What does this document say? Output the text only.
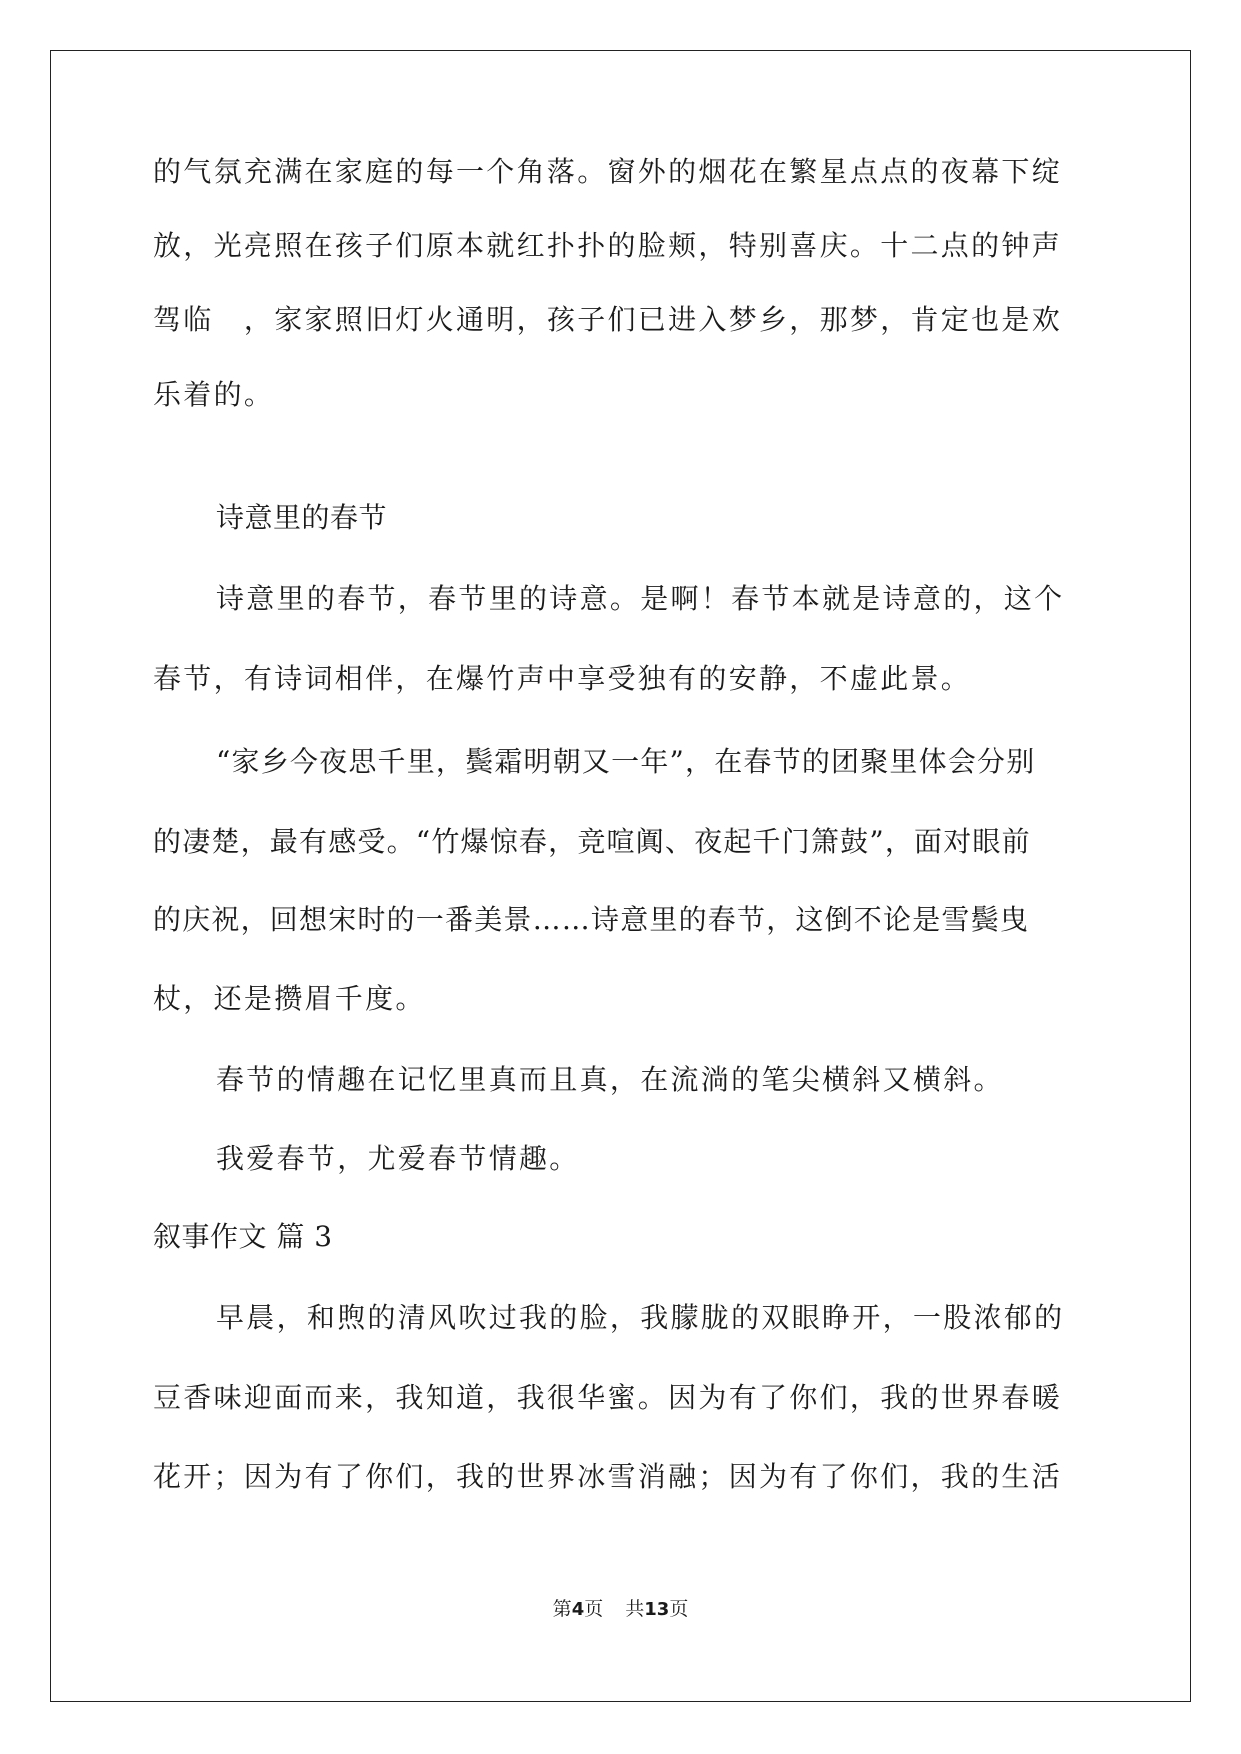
的气氛充满在家庭的每一个角落。窗外的烟花在繁星点点的夜幕下绽
放，光亮照在孩子们原本就红扑扑的脸颊，特别喜庆。十二点的钟声
驾临　，家家照旧灯火通明，孩子们已进入梦乡，那梦，肯定也是欢
乐着的。
诗意里的春节
诗意里的春节，春节里的诗意。是啊！春节本就是诗意的，这个
春节，有诗词相伴，在爆竹声中享受独有的安静，不虚此景。
“家乡今夜思千里，鬓霜明朝又一年”，在春节的团聚里体会分别
的凄楚，最有感受。“竹爆惊春，竞喧阗、夜起千门箫鼓”，面对眼前
的庆祝，回想宋时的一番美景……诗意里的春节，这倒不论是雪鬓曳
杖，还是攒眉千度。
春节的情趣在记忆里真而且真，在流淌的笔尖横斜又横斜。
我爱春节，尤爱春节情趣。
叙事作文 篇 3
早晨，和煦的清风吹过我的脸，我朦胧的双眼睁开，一股浓郁的
豆香味迎面而来，我知道，我很华蜜。因为有了你们，我的世界春暖
花开；因为有了你们，我的世界冰雪消融；因为有了你们，我的生活
第4页 共13页
